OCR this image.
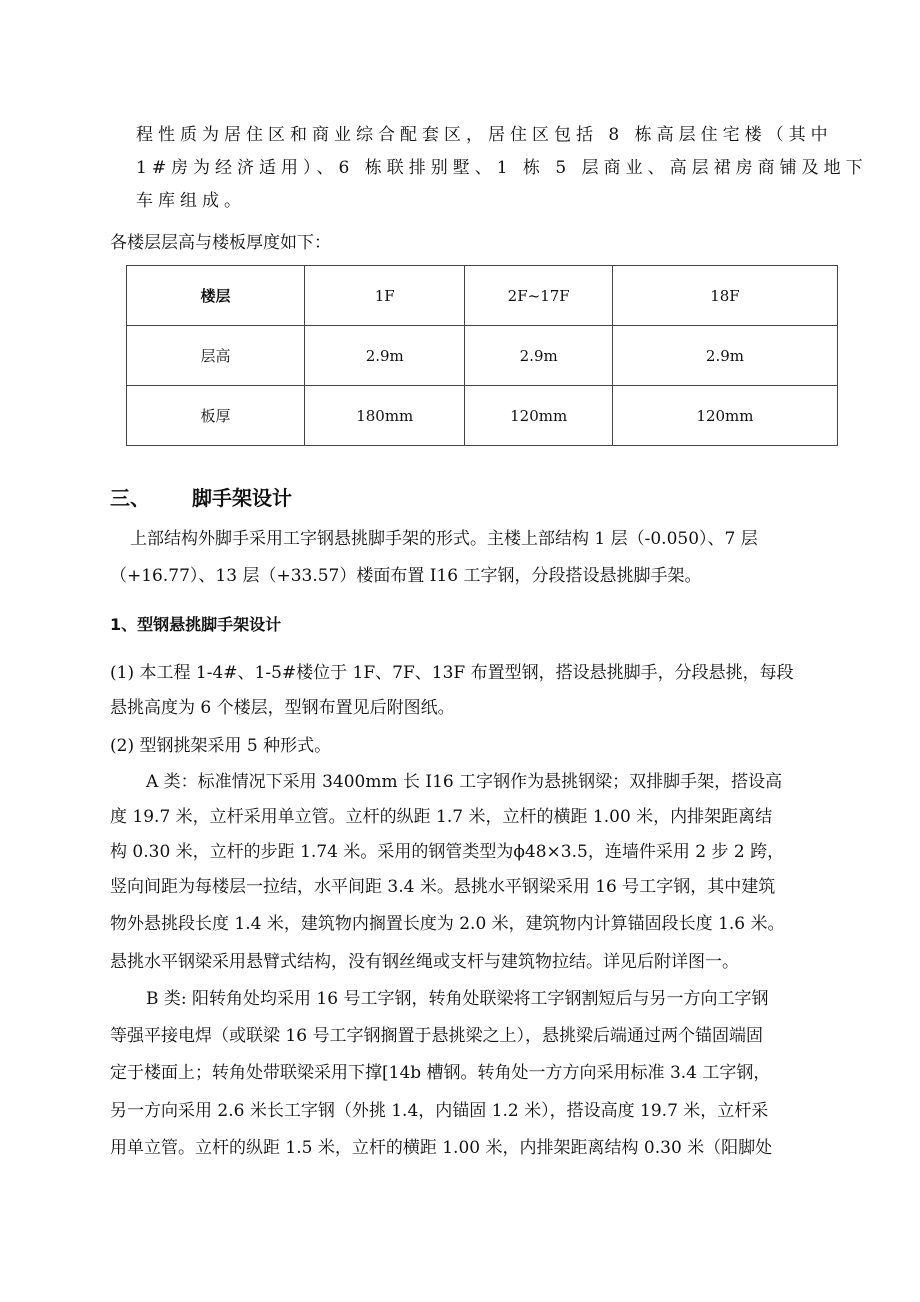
程性质为居住区和商业综合配套区，居住区包括 8 栋高层住宅楼（其中
1#房为经济适用）、6 栋联排别墅、1 栋 5 层商业、高层裙房商铺及地下
车库组成。
各楼层层高与楼板厚度如下：
楼层	1F	2F~17F	18F
层高	2.9m	2.9m	2.9m
板厚	180mm	120mm	120mm
三、 脚手架设计
上部结构外脚手采用工字钢悬挑脚手架的形式。主楼上部结构 1 层（-0.050）、7 层
（+16.77）、13 层（+33.57）楼面布置 I16 工字钢，分段搭设悬挑脚手架。
1、型钢悬挑脚手架设计
(1) 本工程 1-4#、1-5#楼位于 1F、7F、13F 布置型钢，搭设悬挑脚手，分段悬挑，每段
悬挑高度为 6 个楼层，型钢布置见后附图纸。
(2) 型钢挑架采用 5 种形式。
A 类：标准情况下采用 3400mm 长 I16 工字钢作为悬挑钢梁；双排脚手架，搭设高
度 19.7 米，立杆采用单立管。立杆的纵距 1.7 米，立杆的横距 1.00 米，内排架距离结
构 0.30 米，立杆的步距 1.74 米。采用的钢管类型为ϕ48×3.5，连墙件采用 2 步 2 跨，
竖向间距为每楼层一拉结，水平间距 3.4 米。悬挑水平钢梁采用 16 号工字钢，其中建筑
物外悬挑段长度 1.4 米，建筑物内搁置长度为 2.0 米，建筑物内计算锚固段长度 1.6 米。
悬挑水平钢梁采用悬臂式结构，没有钢丝绳或支杆与建筑物拉结。详见后附详图一。
B 类: 阳转角处均采用 16 号工字钢，转角处联梁将工字钢割短后与另一方向工字钢
等强平接电焊（或联梁 16 号工字钢搁置于悬挑梁之上），悬挑梁后端通过两个锚固端固
定于楼面上；转角处带联梁采用下撑[14b 槽钢。转角处一方方向采用标准 3.4 工字钢，
另一方向采用 2.6 米长工字钢（外挑 1.4，内锚固 1.2 米），搭设高度 19.7 米，立杆采
用单立管。立杆的纵距 1.5 米，立杆的横距 1.00 米，内排架距离结构 0.30 米（阳脚处
